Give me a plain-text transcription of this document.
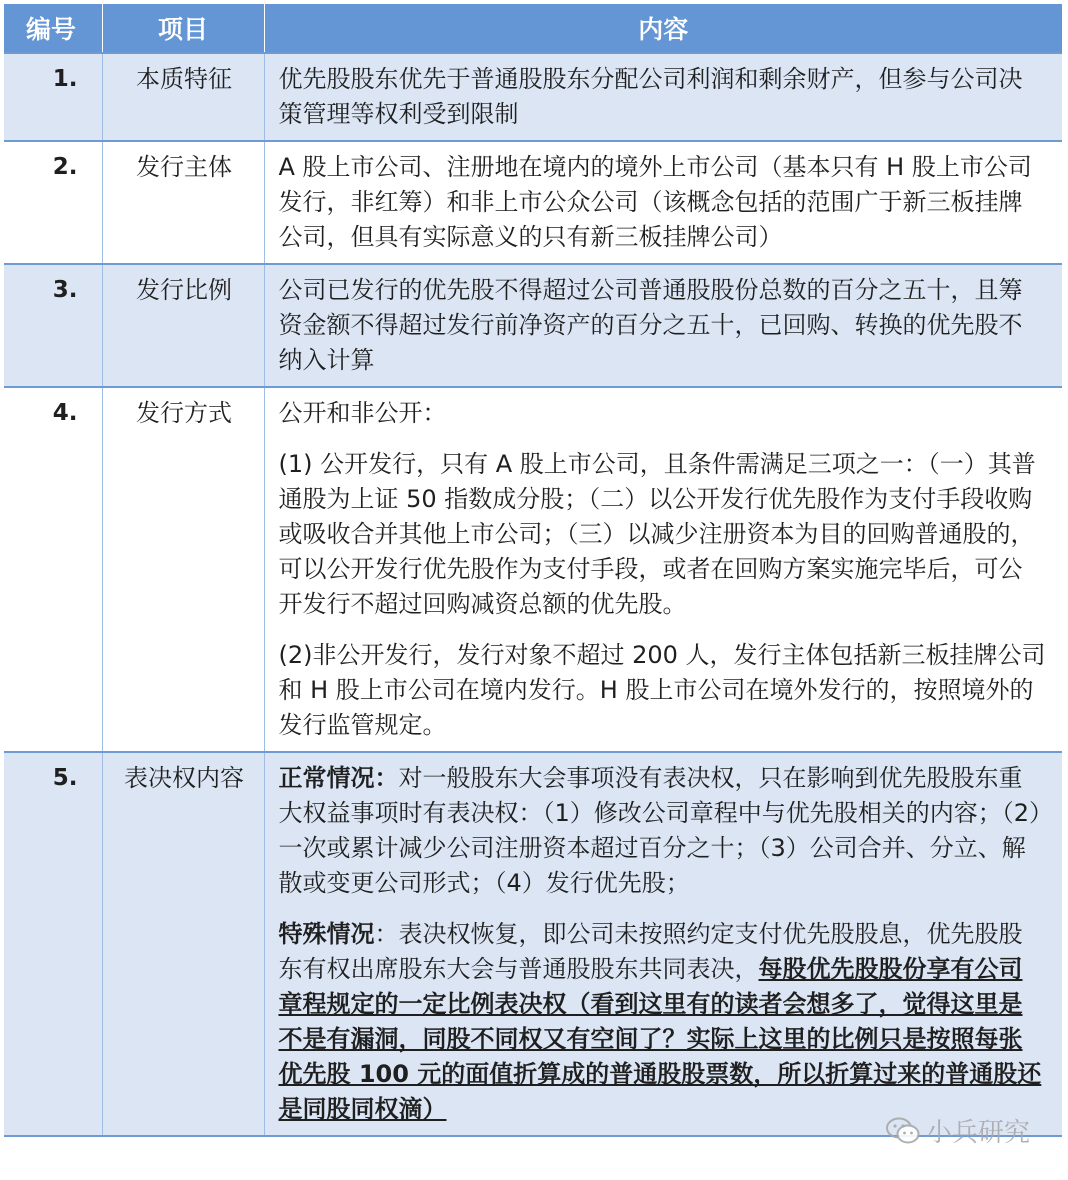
编号	项目	内容
1.	本质特征	优先股股东优先于普通股股东分配公司利润和剩余财产，但参与公司决策管理等权利受到限制

2.	发行主体	A 股上市公司、注册地在境内的境外上市公司（基本只有 H 股上市公司发行，非红筹）和非上市公众公司（该概念包括的范围广于新三板挂牌公司，但具有实际意义的只有新三板挂牌公司）

3.	发行比例	公司已发行的优先股不得超过公司普通股股份总数的百分之五十，且筹资金额不得超过发行前净资产的百分之五十，已回购、转换的优先股不纳入计算

4.	发行方式	公开和非公开：

(1) 公开发行，只有 A 股上市公司，且条件需满足三项之一：（一）其普通股为上证 50 指数成分股；（二）以公开发行优先股作为支付手段收购或吸收合并其他上市公司；（三）以减少注册资本为目的回购普通股的，可以公开发行优先股作为支付手段，或者在回购方案实施完毕后，可公开发行不超过回购减资总额的优先股。

(2)非公开发行，发行对象不超过 200 人，发行主体包括新三板挂牌公司和 H 股上市公司在境内发行。H 股上市公司在境外发行的，按照境外的发行监管规定。

5.	表决权内容	正常情况：对一般股东大会事项没有表决权，只在影响到优先股股东重大权益事项时有表决权：（1）修改公司章程中与优先股相关的内容；（2）一次或累计减少公司注册资本超过百分之十；（3）公司合并、分立、解散或变更公司形式；（4）发行优先股；

特殊情况：表决权恢复，即公司未按照约定支付优先股股息，优先股股东有权出席股东大会与普通股股东共同表决，每股优先股股份享有公司章程规定的一定比例表决权（看到这里有的读者会想多了，觉得这里是不是有漏洞，同股不同权又有空间了？实际上这里的比例只是按照每张优先股 100 元的面值折算成的普通股股票数，所以折算过来的普通股还是同股同权滴）

小兵研究
